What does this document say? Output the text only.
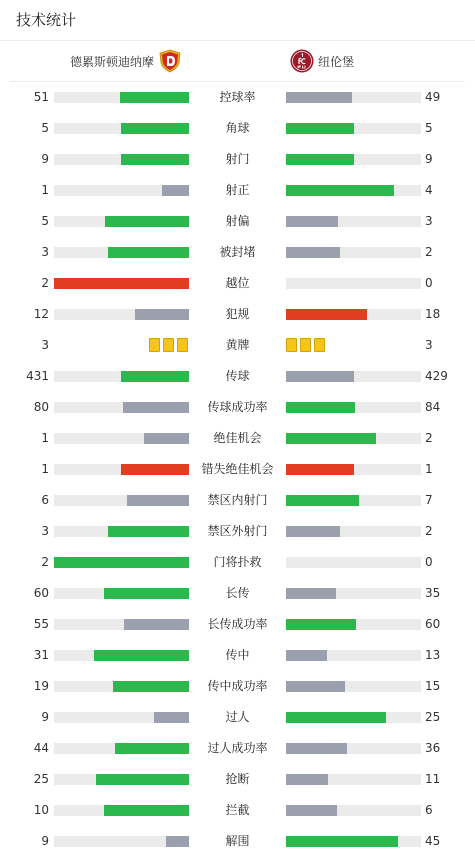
技术统计
德累斯顿迪纳摩	纽伦堡
51	控球率	49
5	角球	5
9	射门	9
1	射正	4
5	射偏	3
3	被封堵	2
2	越位	0
12	犯规	18
3	黄牌	3
431	传球	429
80	传球成功率	84
1	绝佳机会	2
1	错失绝佳机会	1
6	禁区内射门	7
3	禁区外射门	2
2	门将扑救	0
60	长传	35
55	长传成功率	60
31	传中	13
19	传中成功率	15
9	过人	25
44	过人成功率	36
25	抢断	11
10	拦截	6
9	解围	45
